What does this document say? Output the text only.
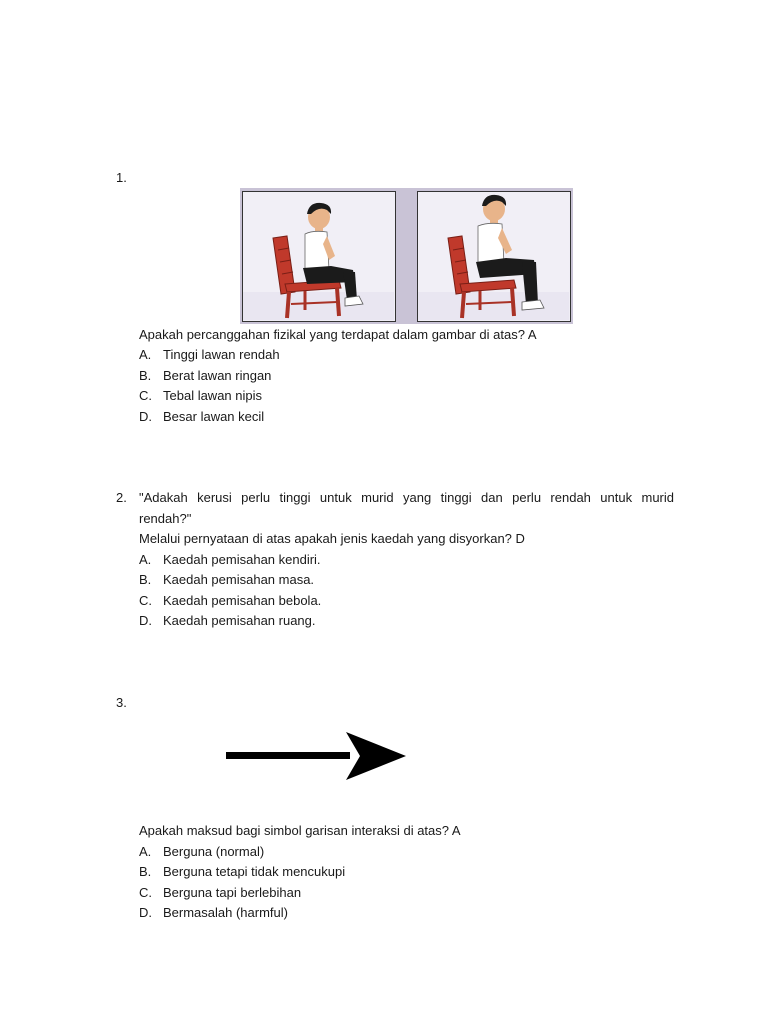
1.
Apakah percanggahan fizikal yang terdapat dalam gambar di atas? A
A. Tinggi lawan rendah
B. Berat lawan ringan
C. Tebal lawan nipis
D. Besar lawan kecil
2. "Adakah kerusi perlu tinggi untuk murid yang tinggi dan perlu rendah untuk murid
rendah?"
Melalui pernyataan di atas apakah jenis kaedah yang disyorkan? D
A. Kaedah pemisahan kendiri.
B. Kaedah pemisahan masa.
C. Kaedah pemisahan bebola.
D. Kaedah pemisahan ruang.
3.
Apakah maksud bagi simbol garisan interaksi di atas? A
A. Berguna (normal)
B. Berguna tetapi tidak mencukupi
C. Berguna tapi berlebihan
D. Bermasalah (harmful)
